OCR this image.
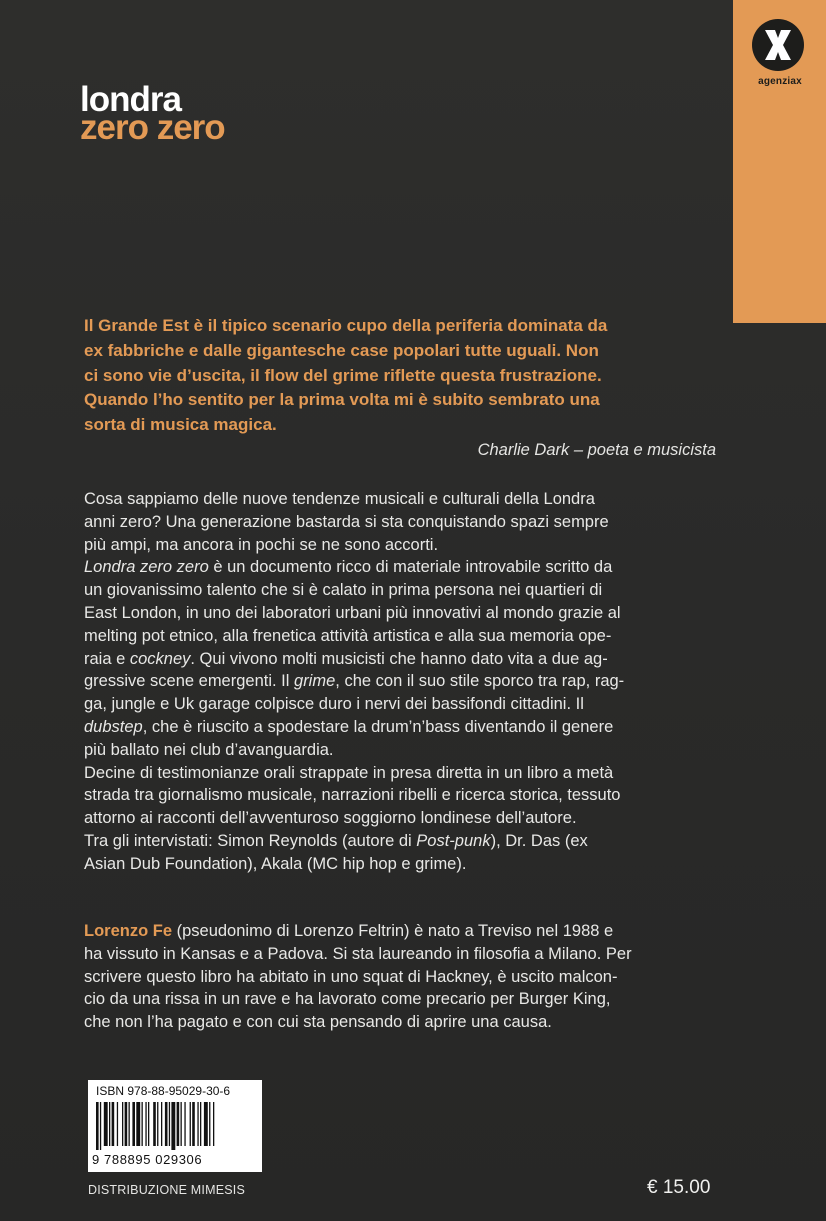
agenziax
londra
zero zero

Il Grande Est è il tipico scenario cupo della periferia dominata da

ex fabbriche e dalle gigantesche case popolari tutte uguali. Non

ci sono vie d’uscita, il flow del grime riflette questa frustrazione.

Quando l’ho sentito per la prima volta mi è subito sembrato una

sorta di musica magica.

Charlie Dark – poeta e musicista

Cosa sappiamo delle nuove tendenze musicali e culturali della Londra

anni zero? Una generazione bastarda si sta conquistando spazi sempre

più ampi, ma ancora in pochi se ne sono accorti.

Londra zero zero è un documento ricco di materiale introvabile scritto da

un giovanissimo talento che si è calato in prima persona nei quartieri di

East London, in uno dei laboratori urbani più innovativi al mondo grazie al

melting pot etnico, alla frenetica attività artistica e alla sua memoria ope-

raia e cockney. Qui vivono molti musicisti che hanno dato vita a due ag-

gressive scene emergenti. Il grime, che con il suo stile sporco tra rap, rag-

ga, jungle e Uk garage colpisce duro i nervi dei bassifondi cittadini. Il

dubstep, che è riuscito a spodestare la drum’n’bass diventando il genere

più ballato nei club d’avanguardia.

Decine di testimonianze orali strappate in presa diretta in un libro a metà

strada tra giornalismo musicale, narrazioni ribelli e ricerca storica, tessuto

attorno ai racconti dell’avventuroso soggiorno londinese dell’autore.

Tra gli intervistati: Simon Reynolds (autore di Post-punk), Dr. Das (ex

Asian Dub Foundation), Akala (MC hip hop e grime).

Lorenzo Fe (pseudonimo di Lorenzo Feltrin) è nato a Treviso nel 1988 e

ha vissuto in Kansas e a Padova. Si sta laureando in filosofia a Milano. Per

scrivere questo libro ha abitato in uno squat di Hackney, è uscito malcon-

cio da una rissa in un rave e ha lavorato come precario per Burger King,

che non l’ha pagato e con cui sta pensando di aprire una causa.

ISBN 978-88-95029-30-6
9 788895 029306
DISTRIBUZIONE MIMESIS	€ 15.00
